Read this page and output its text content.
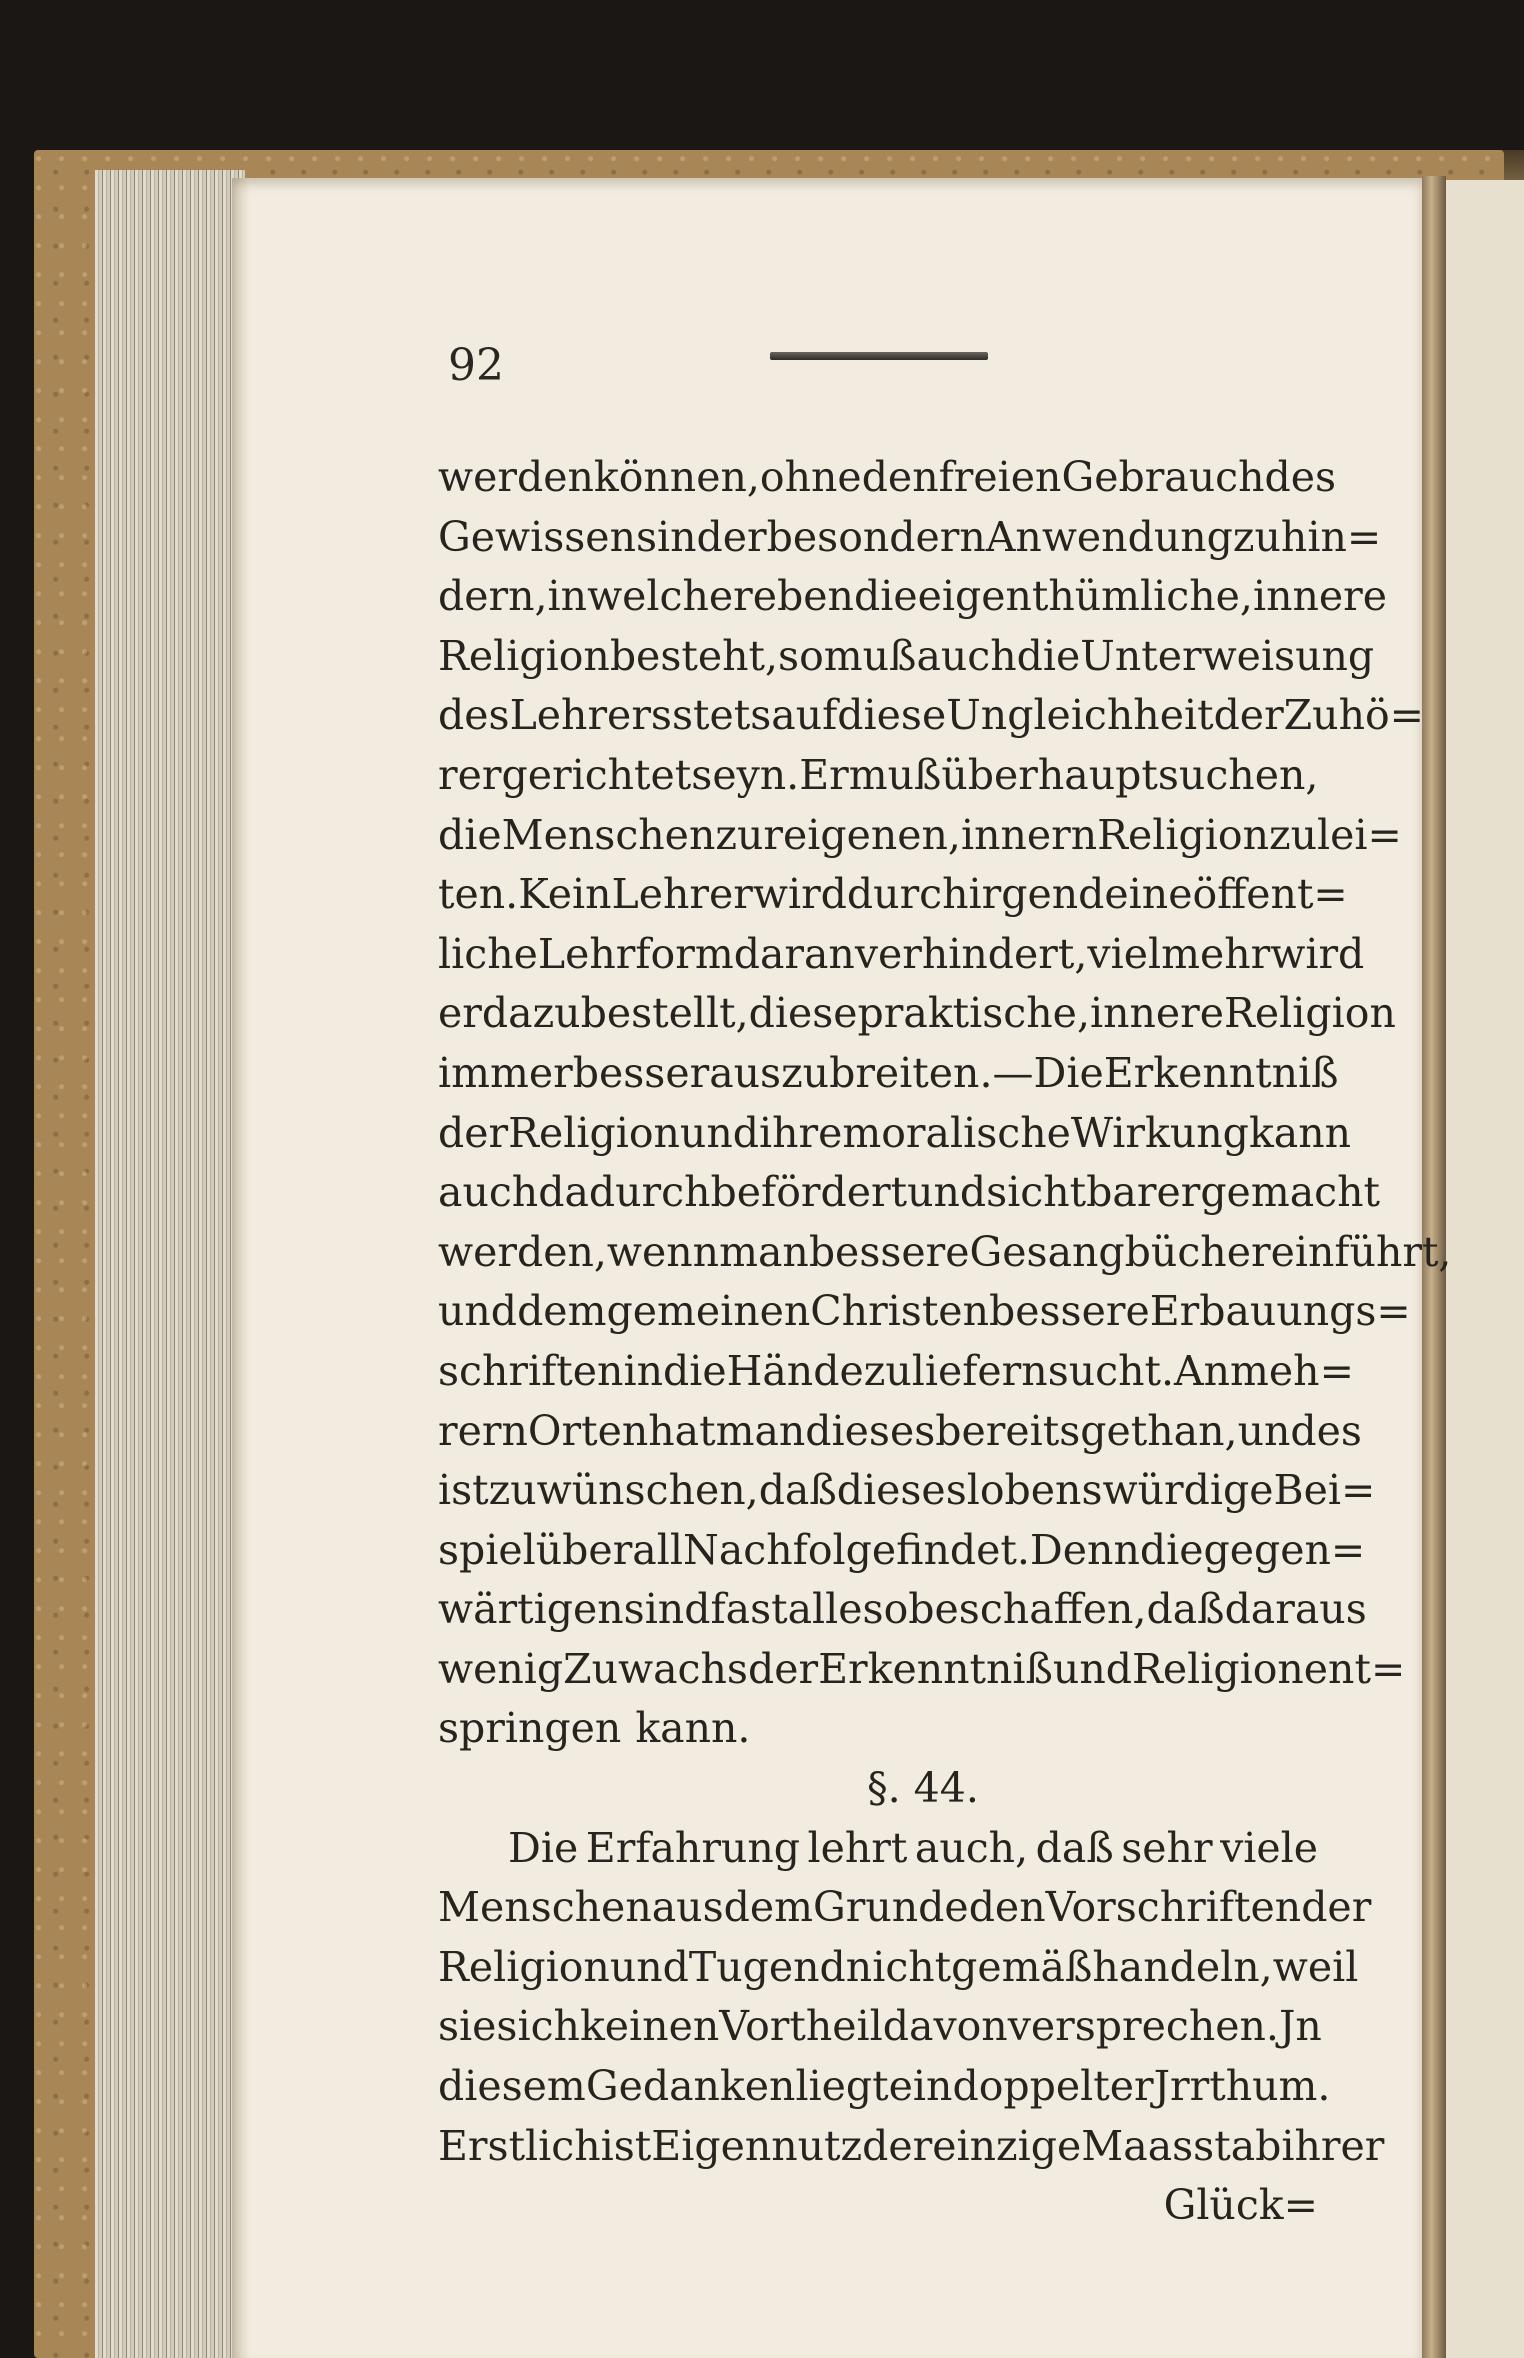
92
werden können, ohne den freien Gebrauch des
Gewissens in der besondern Anwendung zu hin=
dern, in welcher eben die eigenthümliche, innere
Religion besteht, so muß auch die Unterweisung
des Lehrers stets auf diese Ungleichheit der Zuhö=
rer gerichtet seyn. Er muß überhaupt suchen,
die Menschen zur eigenen, innern Religion zu lei=
ten. Kein Lehrer wird durch irgend eine öffent=
liche Lehrform daran verhindert, vielmehr wird
er dazu bestellt, diese praktische, innere Religion
immer besser auszubreiten. — Die Erkenntniß
der Religion und ihre moralische Wirkung kann
auch dadurch befördert und sichtbarer gemacht
werden, wenn man bessere Gesangbücher einführt,
und dem gemeinen Christen bessere Erbauungs=
schriften in die Hände zu liefern sucht. An meh=
rern Orten hat man dieses bereits gethan, und es
ist zu wünschen, daß dieses lobenswürdige Bei=
spiel überall Nachfolge findet. Denn die gegen=
wärtigen sind fast alle so beschaffen, daß daraus
wenig Zuwachs der Erkenntniß und Religion ent=
springen kann.
§. 44.
Die Erfahrung lehrt auch, daß sehr viele
Menschen aus dem Grunde den Vorschriften der
Religion und Tugend nicht gemäß handeln, weil
sie sich keinen Vortheil davon versprechen. Jn
diesem Gedanken liegt ein doppelter Jrrthum.
Erstlich ist Eigennutz der einzige Maasstab ihrer
Glück=
